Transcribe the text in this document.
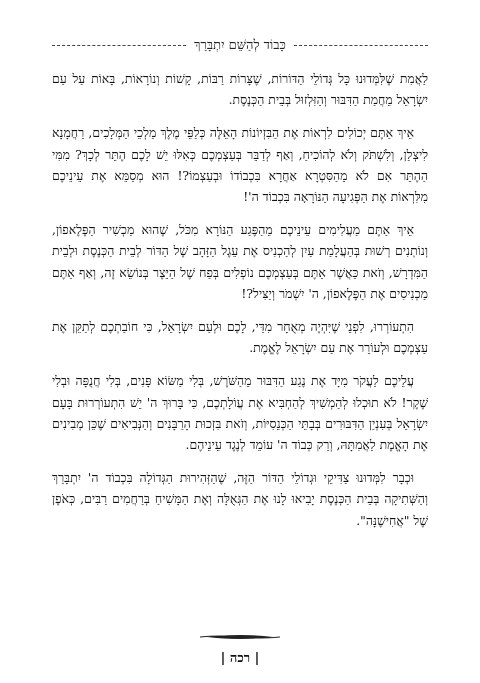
כָּבוֹד לְהַשֵּׁם יִתְבָּרַךְ

לַאֲמִת שֶׁלִּמְּדוּנוּ כָּל גְּדוֹלֵי הַדּוֹרוֹת, שֶׁצָּרוֹת רַבּוֹת, קָשׁוֹת וְנוֹרָאוֹת, בָּאוֹת עַל עַם יִשְׂרָאֵל מֵחֲמַת הַדִּבּוּר וְהַזִּלְזוּל בְּבֵית הַכְּנֶסֶת.

אֵיךְ אַתֶּם יְכוֹלִים לִרְאוֹת אֶת הַבִּזְיוֹנוֹת הָאֵלֶּה כְּלַפֵּי מֶלֶךְ מַלְכֵי הַמְּלָכִים, רַחֲמָנָא לִיצְלַן, וְלִשְׁתֹּק וְלֹא לְהוֹכִיחַ, וְאַף לְדַבֵּר בְּעַצְמְכֶם כְּאִלּוּ יֵשׁ לָכֶם הֶתֵּר לְכָךְ? מִמִּי הַהֶתֵּר אִם לֹא מֵהַסִּטְרָא אַחֲרָא בִּכְבוֹדוֹ וּבְעַצְמוֹ?! הוּא מְסַמֵּא אֶת עֵינֵיכֶם מִלִּרְאוֹת אֶת הַפְּגִיעָה הַנּוֹרָאָה בִּכְבוֹד ה'!

אֵיךְ אַתֶּם מַעֲלִימִים עֵינֵיכֶם מֵהַפֶּגַע הַנּוֹרָא מִכֹּל, שֶׁהוּא מַכְשִׁיר הַפֶּלֶאפוֹן, וְנוֹתְנִים רְשׁוּת בְּהַעֲלָמַת עַיִן לְהַכְנִיס אֶת עֵגֶל הַזָּהָב שֶׁל הַדּוֹר לְבֵית הַכְּנֶסֶת וּלְבֵית הַמִּדְרָשׁ, וְזֹאת כַּאֲשֶׁר אַתֶּם בְּעַצְמְכֶם נוֹפְלִים בְּפַח שֶׁל הַיֵּצֶר בְּנוֹשֵׂא זֶה, וְאַף אַתֶּם מַכְנִיסִים אֶת הַפֶּלֶאפוֹן, ה' יִשְׁמֹר וְיַצִּיל?!

הִתְעוֹרְרוּ, לִפְנֵי שֶׁיִּהְיֶה מְאֻחָר מִדַּי, לָכֶם וּלְעַם יִשְׂרָאֵל, כִּי חוֹבַתְכֶם לְתַקֵּן אֶת עַצְמְכֶם וּלְעוֹרֵר אֶת עַם יִשְׂרָאֵל לֶאֱמֶת.

עֲלֵיכֶם לַעֲקֹר מִיָּד אֶת נֶגַע הַדִּבּוּר מֵהַשֹּׁרֶשׁ, בְּלִי מַשּׂוֹא פָּנִים, בְּלִי חֲנֻפָּה וּבְלִי שֶׁקֶר! לֹא תוּכְלוּ לְהַמְשִׁיךְ לְהַחְבִּיא אֶת עֲוֹלָתְכֶם, כִּי בָּרוּךְ ה' יֵשׁ הִתְעוֹרְרוּת בָּעָם יִשְׂרָאֵל בְּעִנְיַן הַדִּבּוּרִים בְּבָתֵּי הַכְּנֵסִיּוֹת, וְזֹאת בִּזְכוּת הָרַבָּנִים וְהַנְּבִיאִים שֶׁכֵּן מְבִינִים אֶת הָאֱמֶת לַאֲמִתָּהּ, וְרַק כְּבוֹד ה' עוֹמֵד לְנֶגֶד עֵינֵיהֶם.

וּכְבָר לִמְּדוּנוּ צַדִּיקֵי וּגְדוֹלֵי הַדּוֹר הַזֶּה, שֶׁהַזְּהִירוּת הַגְּדוֹלָה בִּכְבוֹד ה' יִתְבָּרַךְ וְהַשְּׁתִיקָה בְּבֵית הַכְּנֶסֶת יָבִיאוּ לָנוּ אֶת הַגְּאֻלָּה וְאֶת הַמָּשִׁיחַ בְּרַחֲמִים רַבִּים, כְּאֹפֶן שֶׁל "אֲחִישֶׁנָּה".

| רכה |
